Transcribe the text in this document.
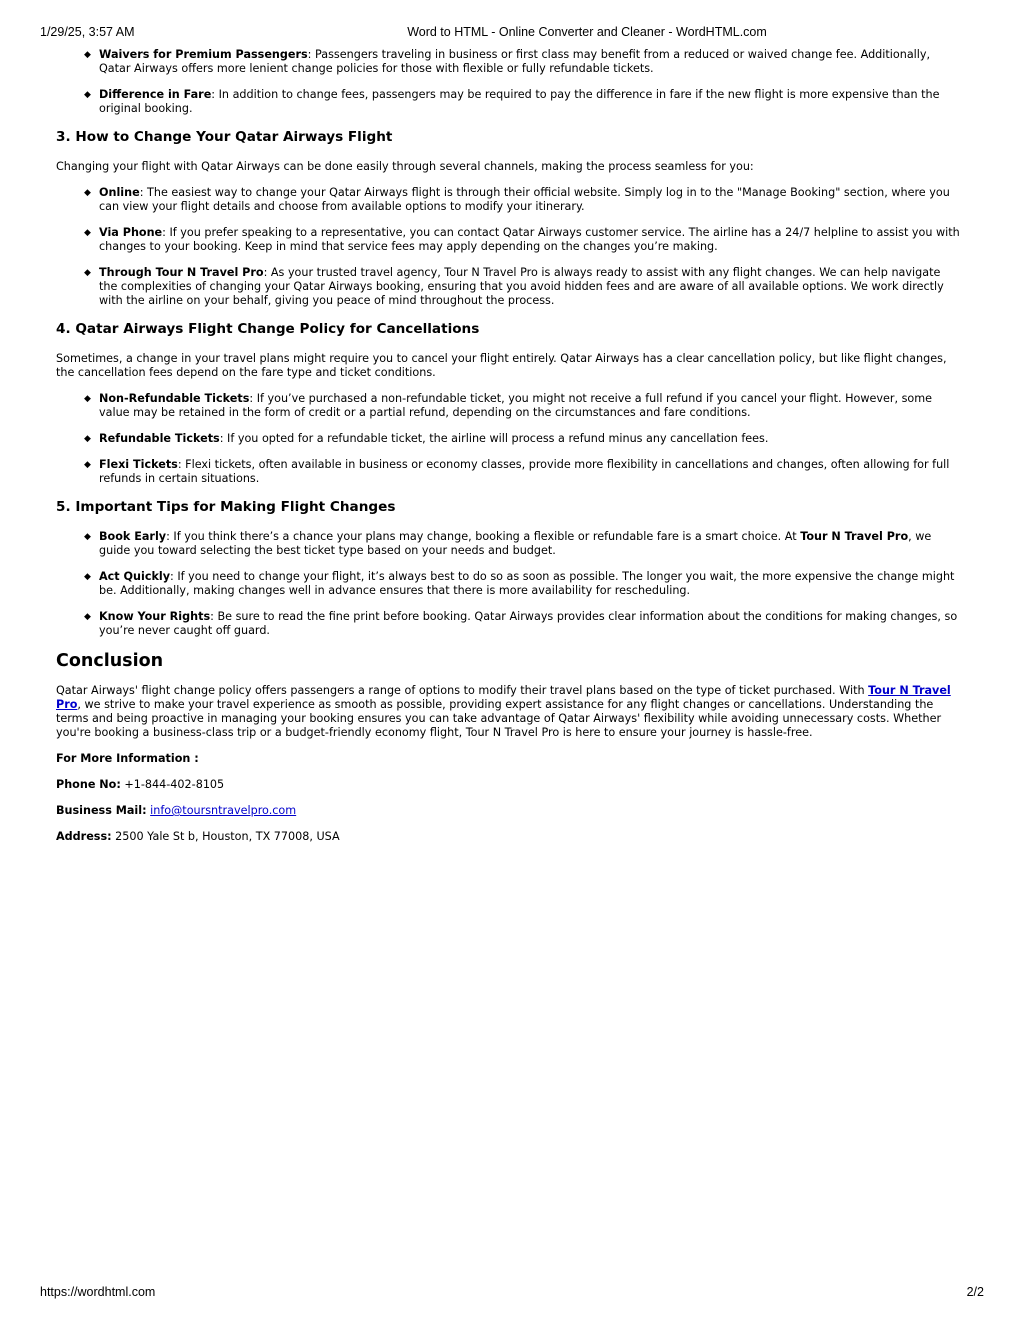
1/29/25, 3:57 AM	Word to HTML - Online Converter and Cleaner - WordHTML.com
◆ Waivers for Premium Passengers: Passengers traveling in business or first class may benefit from a reduced or waived change fee. Additionally, Qatar Airways offers more lenient change policies for those with flexible or fully refundable tickets.
◆ Difference in Fare: In addition to change fees, passengers may be required to pay the difference in fare if the new flight is more expensive than the original booking.
3. How to Change Your Qatar Airways Flight

Changing your flight with Qatar Airways can be done easily through several channels, making the process seamless for you:

◆ Online: The easiest way to change your Qatar Airways flight is through their official website. Simply log in to the "Manage Booking" section, where you can view your flight details and choose from available options to modify your itinerary.
◆ Via Phone: If you prefer speaking to a representative, you can contact Qatar Airways customer service. The airline has a 24/7 helpline to assist you with changes to your booking. Keep in mind that service fees may apply depending on the changes you’re making.
◆ Through Tour N Travel Pro: As your trusted travel agency, Tour N Travel Pro is always ready to assist with any flight changes. We can help navigate the complexities of changing your Qatar Airways booking, ensuring that you avoid hidden fees and are aware of all available options. We work directly with the airline on your behalf, giving you peace of mind throughout the process.
4. Qatar Airways Flight Change Policy for Cancellations

Sometimes, a change in your travel plans might require you to cancel your flight entirely. Qatar Airways has a clear cancellation policy, but like flight changes, the cancellation fees depend on the fare type and ticket conditions.

◆ Non-Refundable Tickets: If you’ve purchased a non-refundable ticket, you might not receive a full refund if you cancel your flight. However, some value may be retained in the form of credit or a partial refund, depending on the circumstances and fare conditions.
◆ Refundable Tickets: If you opted for a refundable ticket, the airline will process a refund minus any cancellation fees.
◆ Flexi Tickets: Flexi tickets, often available in business or economy classes, provide more flexibility in cancellations and changes, often allowing for full refunds in certain situations.
5. Important Tips for Making Flight Changes
◆ Book Early: If you think there’s a chance your plans may change, booking a flexible or refundable fare is a smart choice. At Tour N Travel Pro, we guide you toward selecting the best ticket type based on your needs and budget.
◆ Act Quickly: If you need to change your flight, it’s always best to do so as soon as possible. The longer you wait, the more expensive the change might be. Additionally, making changes well in advance ensures that there is more availability for rescheduling.
◆ Know Your Rights: Be sure to read the fine print before booking. Qatar Airways provides clear information about the conditions for making changes, so you’re never caught off guard.
Conclusion

Qatar Airways' flight change policy offers passengers a range of options to modify their travel plans based on the type of ticket purchased. With Tour N Travel Pro, we strive to make your travel experience as smooth as possible, providing expert assistance for any flight changes or cancellations. Understanding the terms and being proactive in managing your booking ensures you can take advantage of Qatar Airways' flexibility while avoiding unnecessary costs. Whether you're booking a business-class trip or a budget-friendly economy flight, Tour N Travel Pro is here to ensure your journey is hassle-free.

For More Information :

Phone No: +1-844-402-8105

Business Mail: info@toursntravelpro.com

Address: 2500 Yale St b, Houston, TX 77008, USA

https://wordhtml.com	2/2
